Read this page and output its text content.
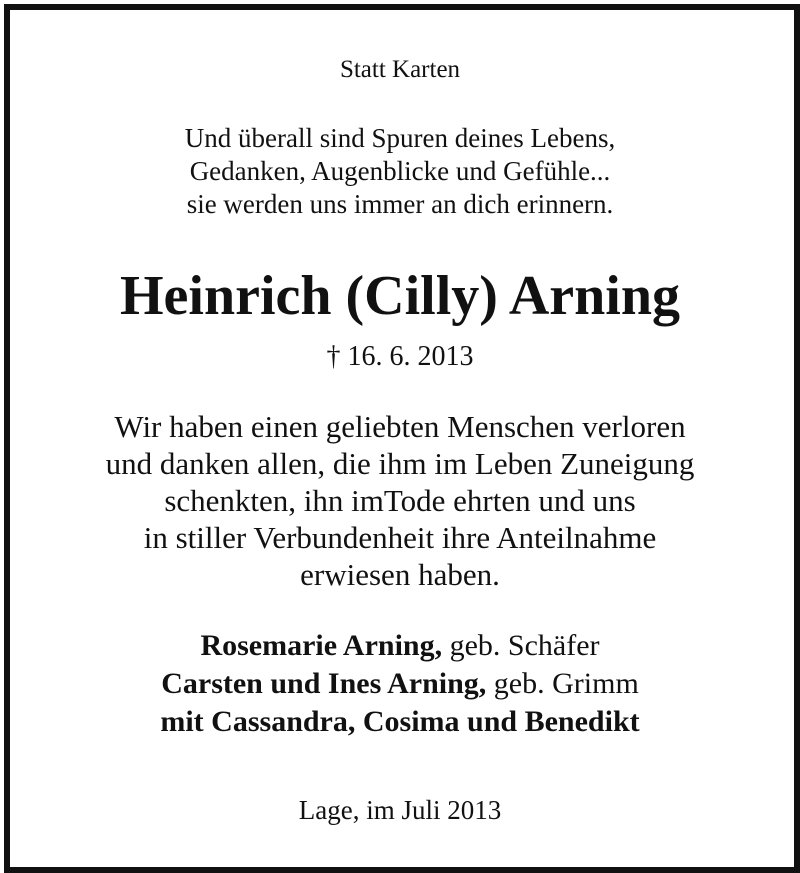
Statt Karten
Und überall sind Spuren deines Lebens,
Gedanken, Augenblicke und Gefühle...
sie werden uns immer an dich erinnern.
Heinrich (Cilly) Arning
† 16. 6. 2013
Wir haben einen geliebten Menschen verloren
und danken allen, die ihm im Leben Zuneigung
schenkten, ihn imTode ehrten und uns
in stiller Verbundenheit ihre Anteilnahme
erwiesen haben.
Rosemarie Arning, geb. Schäfer
Carsten und Ines Arning, geb. Grimm
mit Cassandra, Cosima und Benedikt
Lage, im Juli 2013
